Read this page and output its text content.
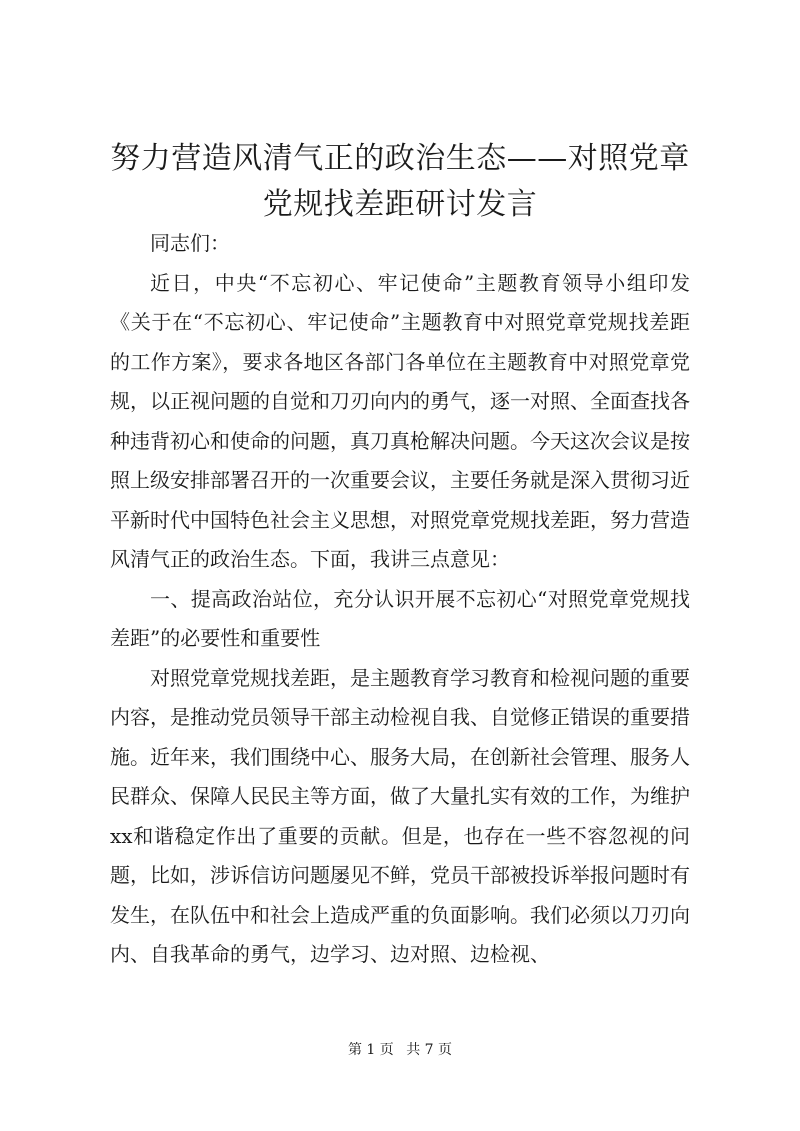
努力营造风清气正的政治生态——对照党章党规找差距研讨发言

同志们：

近日，中央“不忘初心、牢记使命”主题教育领导小组印发《关于在“不忘初心、牢记使命”主题教育中对照党章党规找差距的工作方案》，要求各地区各部门各单位在主题教育中对照党章党规，以正视问题的自觉和刀刃向内的勇气，逐一对照、全面查找各种违背初心和使命的问题，真刀真枪解决问题。今天这次会议是按照上级安排部署召开的一次重要会议，主要任务就是深入贯彻习近平新时代中国特色社会主义思想，对照党章党规找差距，努力营造风清气正的政治生态。下面，我讲三点意见：

一、提高政治站位，充分认识开展不忘初心“对照党章党规找差距”的必要性和重要性

对照党章党规找差距，是主题教育学习教育和检视问题的重要内容，是推动党员领导干部主动检视自我、自觉修正错误的重要措施。近年来，我们围绕中心、服务大局，在创新社会管理、服务人民群众、保障人民民主等方面，做了大量扎实有效的工作，为维护xx和谐稳定作出了重要的贡献。但是，也存在一些不容忽视的问题，比如，涉诉信访问题屡见不鲜，党员干部被投诉举报问题时有发生，在队伍中和社会上造成严重的负面影响。我们必须以刀刃向内、自我革命的勇气，边学习、边对照、边检视、

第 1 页 共 7 页
